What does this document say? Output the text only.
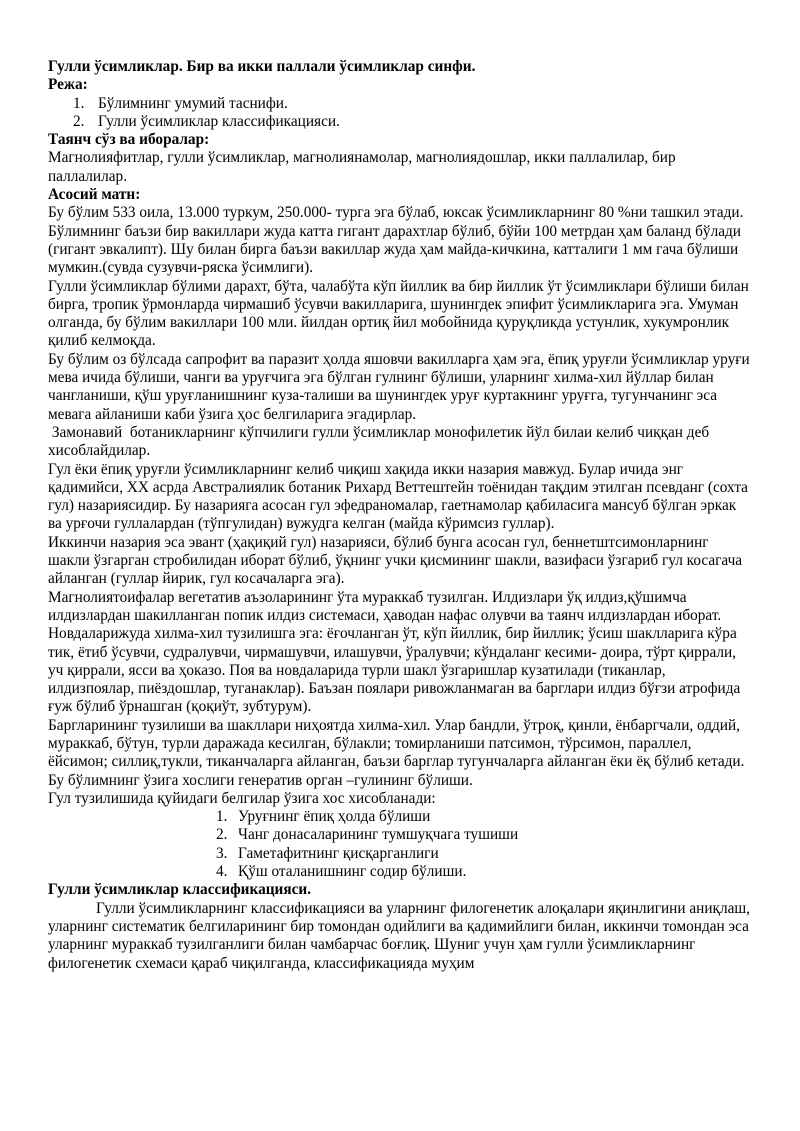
Гулли ўсимликлар. Бир ва икки паллали ўсимликлар синфи.

Режа:

1. Бўлимнинг умумий таснифи.
2. Гулли ўсимликлар классификацияси.

Таянч сўз ва иборалар:

Магнолияфитлар, гулли ўсимликлар, магнолиянамолар, магнолиядошлар, икки паллалилар, бир паллалилар.

Асосий матн:

Бу бўлим 533 оила, 13.000 туркум, 250.000- турга эга бўлаб, юксак ўсимликларнинг 80 %ни ташкил этади. Бўлимнинг баъзи бир вакиллари жуда катта гигант дарахтлар бўлиб, бўйи 100 метрдан ҳам баланд бўлади (гигант эвкалипт). Шу билан бирга баъзи вакиллар жуда ҳам майда-кичкина, катталиги 1 мм гача бўлиши мумкин.(сувда сузувчи-ряска ўсимлиги).

Гулли ўсимликлар бўлими дарахт, бўта, чалабўта кўп йиллик ва бир йиллик ўт ўсимликлари бўлиши билан бирга, тропик ўрмонларда чирмашиб ўсувчи вакилларига, шунингдек эпифит ўсимликларига эга. Умуман олганда, бу бўлим вакиллари 100 мли. йилдан ортиқ йил мобойнида қуруқликда устунлик, хукумронлик қилиб келмоқда.

Бу бўлим оз бўлсада сапрофит ва паразит ҳолда яшовчи вакилларга ҳам эга, ёпиқ уруғли ўсимликлар уруғи мева ичида бўлиши, чанги ва уруғчига эга бўлган гулнинг бўлиши, уларнинг хилма-хил йўллар билан чангланиши, қўш уруғланишнинг куза-талиши ва шунингдек уруғ куртакнинг уруғга, тугунчанинг эса мевага айланиши каби ўзига ҳос белгиларига эгадирлар.

Замонавий  ботаникларнинг кўпчилиги гулли ўсимликлар монофилетик йўл билаи келиб чиққан деб хисоблайдилар.

Гул ёки ёпиқ уруғли ўсимликларнинг келиб чиқиш хақида икки назария мавжуд. Булар ичида энг қадимийси, XX асрда Австралиялик ботаник Рихард Веттештейн тоёнидан тақдим этилган псевданг (сохта гул) назариясидир. Бу назарияга асосан гул эфедраномалар, гаетнамолар қабиласига мансуб бўлган эркак ва урғочи гуллалардан (тўпгулидан) вужудга келган (майда кўримсиз гуллар).

Иккинчи назария эса эвант (ҳақиқий гул) назарияси, бўлиб бунга асосан гул, беннетштсимонларнинг шакли ўзгарган стробилидан иборат бўлиб, ўқнинг учки қисмининг шакли, вазифаси ўзгариб гул косагача айланган (гуллар йирик, гул косачаларга эга).

Магнолиятоифалар вегетатив аъзоларининг ўта мураккаб тузилган. Илдизлари ўқ илдиз,қўшимча илдизлардан шакилланган попик илдиз системаси, ҳаводан нафас олувчи ва таянч илдизлардан иборат.

Новдаларижуда хилма-хил тузилишга эга: ёғочланган ўт, кўп йиллик, бир йиллик; ўсиш шаклларига кўра тик, ётиб ўсувчи, судралувчи, чирмашувчи, илашувчи, ўралувчи; кўндаланг кесими- доира, тўрт қиррали, уч қиррали, ясси ва ҳоказо. Поя ва новдаларида турли шакл ўзгаришлар кузатилади (тиканлар, илдизпоялар, пиёздошлар, туганаклар). Баъзан поялари ривожланмаган ва барглари илдиз бўғзи атрофида ғуж бўлиб ўрнашган (қоқиўт, зубтурум).

Баргларининг тузилиши ва шакллари ниҳоятда хилма-хил. Улар бандли, ўтроқ, қинли, ёнбаргчали, оддий, мураккаб, бўтун, турли даражада кесилган, бўлакли; томирланиши патсимон, тўрсимон, параллел, ёйсимон; силлиқ,тукли, тиканчаларга айланган, баъзи барглар тугунчаларга айланган ёки ёқ бўлиб кетади.

Бу бўлимнинг ўзига хослиги генератив орган –гулининг бўлиши.

Гул тузилишида қуйидаги белгилар ўзига хос хисобланади:

1. Уруғнинг ёпиқ ҳолда бўлиши
2. Чанг донасаларининг тумшуқчага тушиши
3. Гаметафитнинг қисқарганлиги
4. Қўш оталанишнинг содир бўлиши.

Гулли ўсимликлар классификацияси.

Гулли ўсимликларнинг классификацияси ва уларнинг филогенетик алоқалари яқинлигини аниқлаш, уларнинг систематик белгиларининг бир томондан одийлиги ва қадимийлиги билан, иккинчи томондан эса уларнинг мураккаб тузилганлиги билан чамбарчас боғлиқ. Шуниг учун ҳам гулли ўсимликларнинг филогенетик схемаси қараб чиқилганда, классификацияда муҳим
